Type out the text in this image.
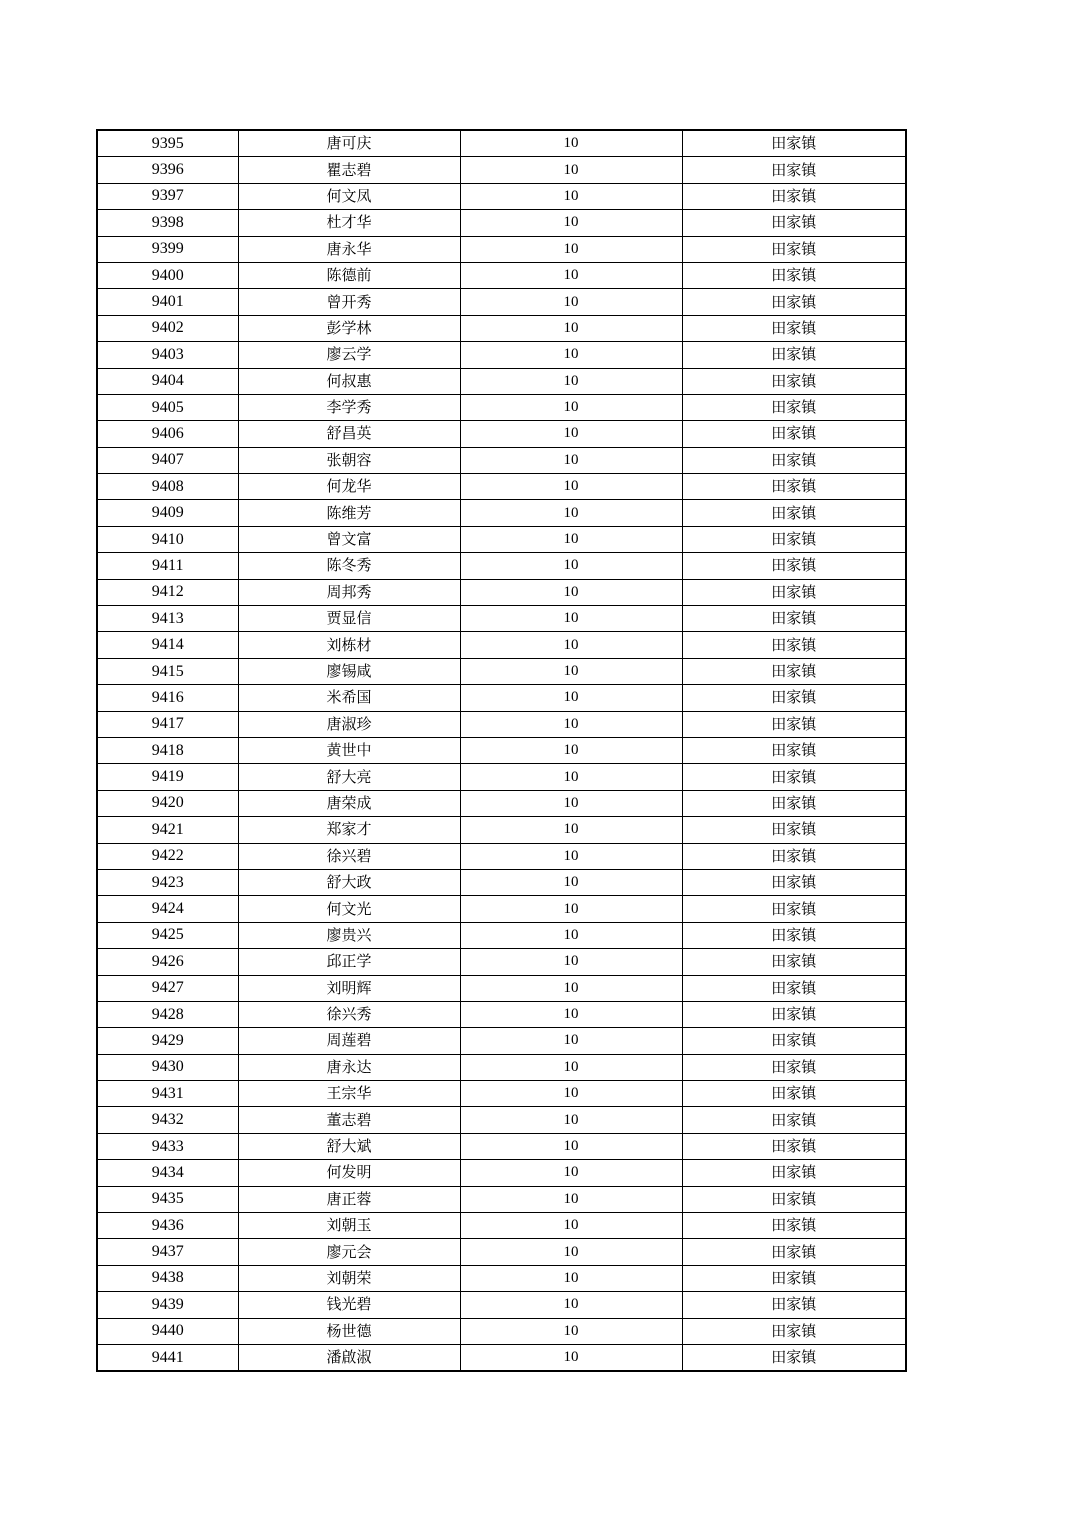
9395	唐可庆	10	田家镇
9396	瞿志碧	10	田家镇
9397	何文凤	10	田家镇
9398	杜才华	10	田家镇
9399	唐永华	10	田家镇
9400	陈德前	10	田家镇
9401	曾开秀	10	田家镇
9402	彭学林	10	田家镇
9403	廖云学	10	田家镇
9404	何叔惠	10	田家镇
9405	李学秀	10	田家镇
9406	舒昌英	10	田家镇
9407	张朝容	10	田家镇
9408	何龙华	10	田家镇
9409	陈维芳	10	田家镇
9410	曾文富	10	田家镇
9411	陈冬秀	10	田家镇
9412	周邦秀	10	田家镇
9413	贾显信	10	田家镇
9414	刘栋材	10	田家镇
9415	廖锡咸	10	田家镇
9416	米希国	10	田家镇
9417	唐淑珍	10	田家镇
9418	黄世中	10	田家镇
9419	舒大亮	10	田家镇
9420	唐荣成	10	田家镇
9421	郑家才	10	田家镇
9422	徐兴碧	10	田家镇
9423	舒大政	10	田家镇
9424	何文光	10	田家镇
9425	廖贵兴	10	田家镇
9426	邱正学	10	田家镇
9427	刘明辉	10	田家镇
9428	徐兴秀	10	田家镇
9429	周莲碧	10	田家镇
9430	唐永达	10	田家镇
9431	王宗华	10	田家镇
9432	董志碧	10	田家镇
9433	舒大斌	10	田家镇
9434	何发明	10	田家镇
9435	唐正蓉	10	田家镇
9436	刘朝玉	10	田家镇
9437	廖元会	10	田家镇
9438	刘朝荣	10	田家镇
9439	钱光碧	10	田家镇
9440	杨世德	10	田家镇
9441	潘啟淑	10	田家镇
